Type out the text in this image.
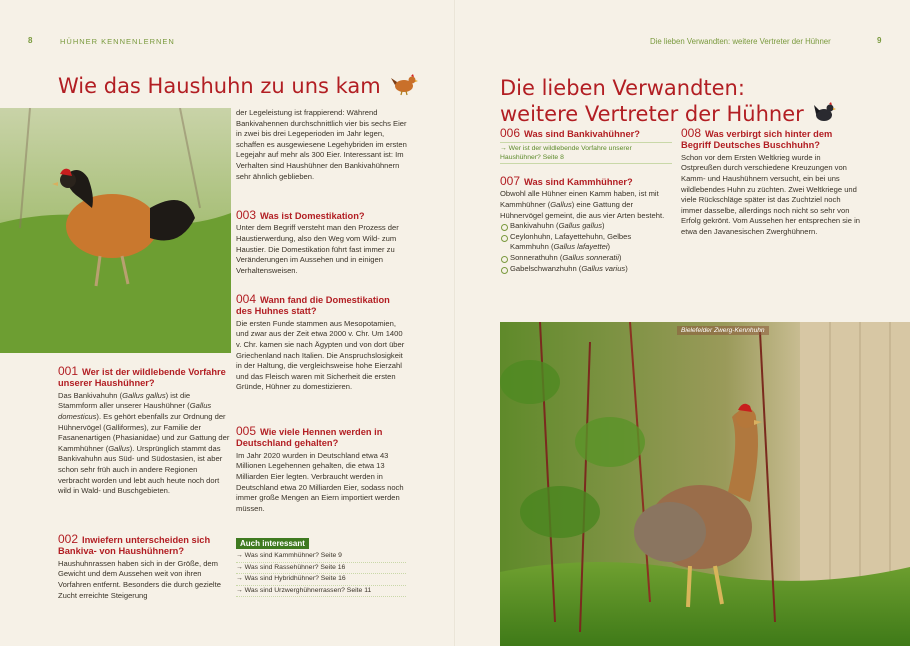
8	HÜHNER KENNENLERNEN
Wie das Haushuhn zu uns kam
001 Wer ist der wildlebende Vorfahre unserer Haushühner?

Das Bankivahuhn (Gallus gallus) ist die Stammform aller unserer Haushühner (Gallus domesticus). Es gehört ebenfalls zur Ordnung der Hühnervögel (Galliformes), zur Familie der Fasanenartigen (Phasianidae) und zur Gattung der Kammhühner (Gallus). Ursprünglich stammt das Bankivahuhn aus Süd- und Südostasien, ist aber schon sehr früh auch in andere Regionen verbracht worden und lebt auch heute noch dort wild in Wald- und Buschgebieten.

002 Inwiefern unterscheiden sich Bankiva- von Haushühnern?

Haushuhnrassen haben sich in der Größe, dem Gewicht und dem Aussehen weit von ihren Vorfahren entfernt. Besonders die durch gezielte Zucht erreichte Steigerung

der Legeleistung ist frappierend: Während Bankivahennen durchschnittlich vier bis sechs Eier in zwei bis drei Legeperioden im Jahr legen, schaffen es ausgewiesene Legehybriden im ersten Legejahr auf mehr als 300 Eier. Interessant ist: Im Verhalten sind Haushühner den Bankivahühnern sehr ähnlich geblieben.

003 Was ist Domestikation?

Unter dem Begriff versteht man den Prozess der Haustierwerdung, also den Weg vom Wild- zum Haustier. Die Domestikation führt fast immer zu Veränderungen im Aussehen und in einigen Verhaltensweisen.

004 Wann fand die Domestikation des Huhnes statt?

Die ersten Funde stammen aus Mesopotamien, und zwar aus der Zeit etwa 2000 v. Chr. Um 1400 v. Chr. kamen sie nach Ägypten und von dort über Griechenland nach Italien. Die Anspruchslosigkeit in der Haltung, die vergleichsweise hohe Eierzahl und das Fleisch waren mit Sicherheit die ersten Gründe, Hühner zu domestizieren.

005 Wie viele Hennen werden in Deutschland gehalten?

Im Jahr 2020 wurden in Deutschland etwa 43 Millionen Legehennen gehalten, die etwa 13 Milliarden Eier legten. Verbraucht werden in Deutschland etwa 20 Milliarden Eier, sodass noch immer große Mengen an Eiern importiert werden müssen.

Auch interessant
→ Was sind Kammhühner? Seite 9
→ Was sind Rassehühner? Seite 16
→ Was sind Hybridhühner? Seite 16
→ Was sind Urzwerghühnerrassen? Seite 11
Die lieben Verwandten: weitere Vertreter der Hühner	9
Die lieben Verwandten:
weitere Vertreter der Hühner
006 Was sind Bankivahühner?
→ Wer ist der wildlebende Vorfahre unserer Haushühner? Seite 8
007 Was sind Kammhühner?

Obwohl alle Hühner einen Kamm haben, ist mit Kammhühner (Gallus) eine Gattung der Hühnervögel gemeint, die aus vier Arten besteht.

Bankivahuhn (Gallus gallus)
Ceylonhuhn, Lafayettehuhn, Gelbes Kammhuhn (Gallus lafayettei)
Sonnerathuhn (Gallus sonneratii)
Gabelschwanzhuhn (Gallus varius)
008 Was verbirgt sich hinter dem Begriff Deutsches Buschhuhn?

Schon vor dem Ersten Weltkrieg wurde in Ostpreußen durch verschiedene Kreuzungen von Kamm- und Haushühnern versucht, ein bei uns wildlebendes Huhn zu züchten. Zwei Weltkriege und viele Rückschläge später ist das Zuchtziel noch immer dasselbe, allerdings noch nicht so sehr von Erfolg gekrönt. Vom Aussehen her entsprechen sie in etwa den Javanesischen Zwerghühnern.

Bielefelder Zwerg-Kennhuhn
